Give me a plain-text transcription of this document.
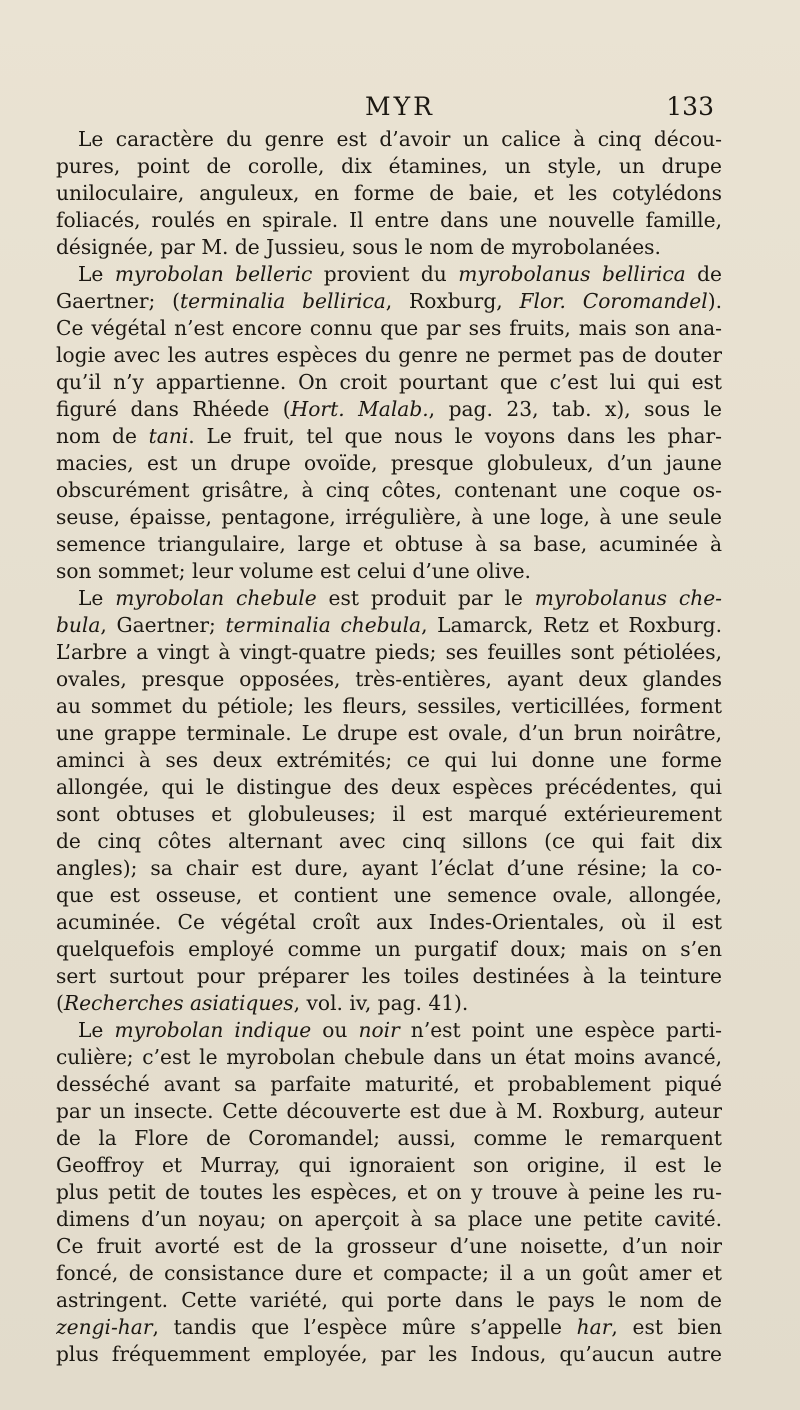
MYR	133
Le caractère du genre est d’avoir un calice à cinq décou-
pures, point de corolle, dix étamines, un style, un drupe
uniloculaire, anguleux, en forme de baie, et les cotylédons
foliacés, roulés en spirale. Il entre dans une nouvelle famille,
désignée, par M. de Jussieu, sous le nom de myrobolanées.
Le myrobolan belleric provient du myrobolanus bellirica de
Gaertner; (terminalia bellirica, Roxburg, Flor. Coromandel).
Ce végétal n’est encore connu que par ses fruits, mais son ana-
logie avec les autres espèces du genre ne permet pas de douter
qu’il n’y appartienne. On croit pourtant que c’est lui qui est
figuré dans Rhéede (Hort. Malab., pag. 23, tab. x), sous le
nom de tani. Le fruit, tel que nous le voyons dans les phar-
macies, est un drupe ovoïde, presque globuleux, d’un jaune
obscurément grisâtre, à cinq côtes, contenant une coque os-
seuse, épaisse, pentagone, irrégulière, à une loge, à une seule
semence triangulaire, large et obtuse à sa base, acuminée à
son sommet; leur volume est celui d’une olive.
Le myrobolan chebule est produit par le myrobolanus che-
bula, Gaertner; terminalia chebula, Lamarck, Retz et Roxburg.
L’arbre a vingt à vingt-quatre pieds; ses feuilles sont pétiolées,
ovales, presque opposées, très-entières, ayant deux glandes
au sommet du pétiole; les fleurs, sessiles, verticillées, forment
une grappe terminale. Le drupe est ovale, d’un brun noirâtre,
aminci à ses deux extrémités; ce qui lui donne une forme
allongée, qui le distingue des deux espèces précédentes, qui
sont obtuses et globuleuses; il est marqué extérieurement
de cinq côtes alternant avec cinq sillons (ce qui fait dix
angles); sa chair est dure, ayant l’éclat d’une résine; la co-
que est osseuse, et contient une semence ovale, allongée,
acuminée. Ce végétal croît aux Indes-Orientales, où il est
quelquefois employé comme un purgatif doux; mais on s’en
sert surtout pour préparer les toiles destinées à la teinture
(Recherches asiatiques, vol. iv, pag. 41).
Le myrobolan indique ou noir n’est point une espèce parti-
culière; c’est le myrobolan chebule dans un état moins avancé,
desséché avant sa parfaite maturité, et probablement piqué
par un insecte. Cette découverte est due à M. Roxburg, auteur
de la Flore de Coromandel; aussi, comme le remarquent
Geoffroy et Murray, qui ignoraient son origine, il est le
plus petit de toutes les espèces, et on y trouve à peine les ru-
dimens d’un noyau; on aperçoit à sa place une petite cavité.
Ce fruit avorté est de la grosseur d’une noisette, d’un noir
foncé, de consistance dure et compacte; il a un goût amer et
astringent. Cette variété, qui porte dans le pays le nom de
zengi-har, tandis que l’espèce mûre s’appelle har, est bien
plus fréquemment employée, par les Indous, qu’aucun autre
